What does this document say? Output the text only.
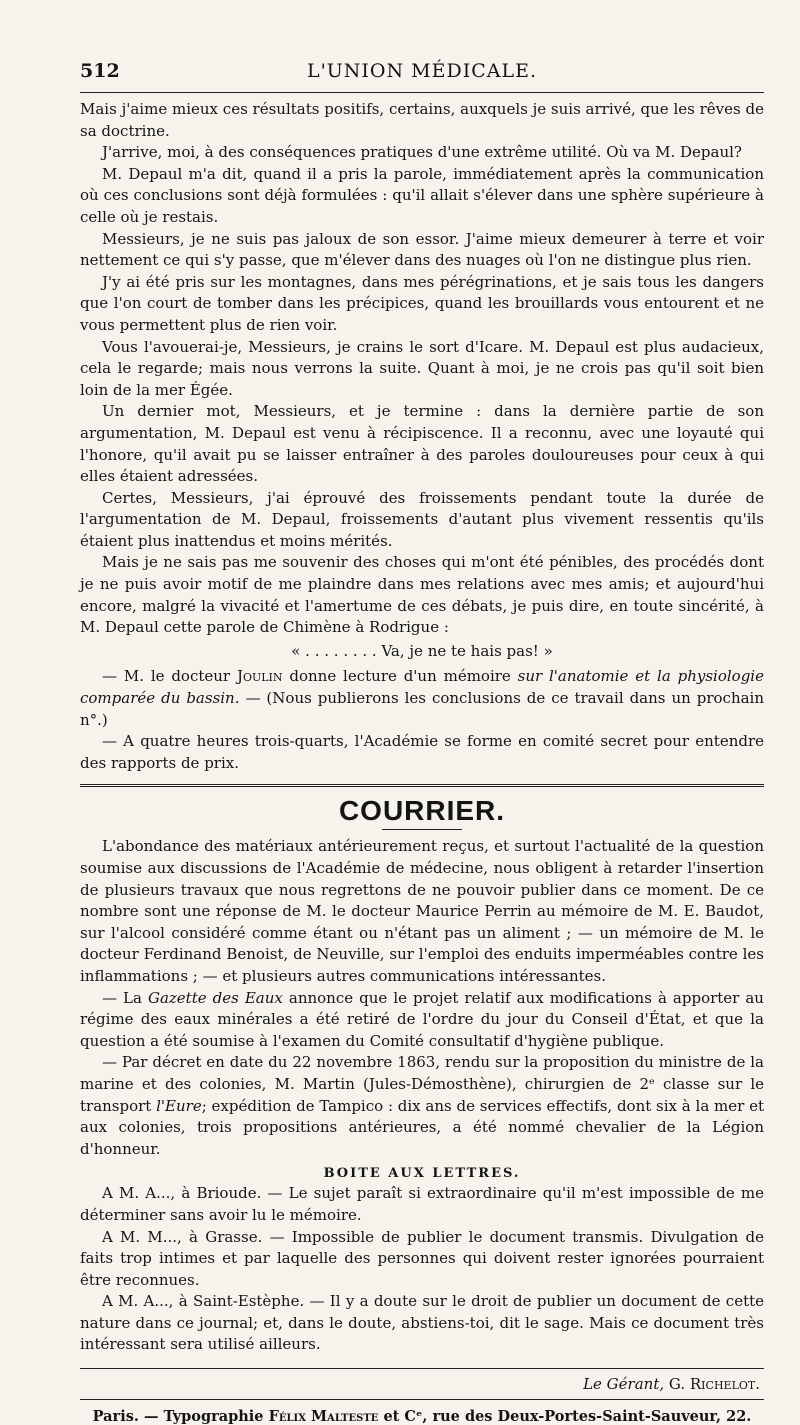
512	L'UNION MÉDICALE.

Mais j'aime mieux ces résultats positifs, certains, auxquels je suis arrivé, que les rêves de sa doctrine.

J'arrive, moi, à des conséquences pratiques d'une extrême utilité. Où va M. Depaul?

M. Depaul m'a dit, quand il a pris la parole, immédiatement après la communication où ces conclusions sont déjà formulées : qu'il allait s'élever dans une sphère supérieure à celle où je restais.

Messieurs, je ne suis pas jaloux de son essor. J'aime mieux demeurer à terre et voir nettement ce qui s'y passe, que m'élever dans des nuages où l'on ne distingue plus rien.

J'y ai été pris sur les montagnes, dans mes pérégrinations, et je sais tous les dangers que l'on court de tomber dans les précipices, quand les brouillards vous entourent et ne vous permettent plus de rien voir.

Vous l'avouerai-je, Messieurs, je crains le sort d'Icare. M. Depaul est plus audacieux, cela le regarde; mais nous verrons la suite. Quant à moi, je ne crois pas qu'il soit bien loin de la mer Égée.

Un dernier mot, Messieurs, et je termine : dans la dernière partie de son argumentation, M. Depaul est venu à récipiscence. Il a reconnu, avec une loyauté qui l'honore, qu'il avait pu se laisser entraîner à des paroles douloureuses pour ceux à qui elles étaient adressées.

Certes, Messieurs, j'ai éprouvé des froissements pendant toute la durée de l'argumentation de M. Depaul, froissements d'autant plus vivement ressentis qu'ils étaient plus inattendus et moins mérités.

Mais je ne sais pas me souvenir des choses qui m'ont été pénibles, des procédés dont je ne puis avoir motif de me plaindre dans mes relations avec mes amis; et aujourd'hui encore, malgré la vivacité et l'amertume de ces débats, je puis dire, en toute sincérité, à M. Depaul cette parole de Chimène à Rodrigue :

« . . . . . . . . Va, je ne te hais pas! »

— M. le docteur Joulin donne lecture d'un mémoire sur l'anatomie et la physiologie comparée du bassin. — (Nous publierons les conclusions de ce travail dans un prochain n°.)

— A quatre heures trois-quarts, l'Académie se forme en comité secret pour entendre des rapports de prix.

COURRIER.

L'abondance des matériaux antérieurement reçus, et surtout l'actualité de la question soumise aux discussions de l'Académie de médecine, nous obligent à retarder l'insertion de plusieurs travaux que nous regrettons de ne pouvoir publier dans ce moment. De ce nombre sont une réponse de M. le docteur Maurice Perrin au mémoire de M. E. Baudot, sur l'alcool considéré comme étant ou n'étant pas un aliment ; — un mémoire de M. le docteur Ferdinand Benoist, de Neuville, sur l'emploi des enduits imperméables contre les inflammations ; — et plusieurs autres communications intéressantes.

— La Gazette des Eaux annonce que le projet relatif aux modifications à apporter au régime des eaux minérales a été retiré de l'ordre du jour du Conseil d'État, et que la question a été soumise à l'examen du Comité consultatif d'hygiène publique.

— Par décret en date du 22 novembre 1863, rendu sur la proposition du ministre de la marine et des colonies, M. Martin (Jules-Démosthène), chirurgien de 2ᵉ classe sur le transport l'Eure; expédition de Tampico : dix ans de services effectifs, dont six à la mer et aux colonies, trois propositions antérieures, a été nommé chevalier de la Légion d'honneur.

BOITE AUX LETTRES.

A M. A..., à Brioude. — Le sujet paraît si extraordinaire qu'il m'est impossible de me déterminer sans avoir lu le mémoire.

A M. M..., à Grasse. — Impossible de publier le document transmis. Divulgation de faits trop intimes et par laquelle des personnes qui doivent rester ignorées pourraient être reconnues.

A M. A..., à Saint-Estèphe. — Il y a doute sur le droit de publier un document de cette nature dans ce journal; et, dans le doute, abstiens-toi, dit le sage. Mais ce document très intéressant sera utilisé ailleurs.

Le Gérant, G. Richelot.
Paris. — Typographie Félix Malteste et Cᵉ, rue des Deux-Portes-Saint-Sauveur, 22.
